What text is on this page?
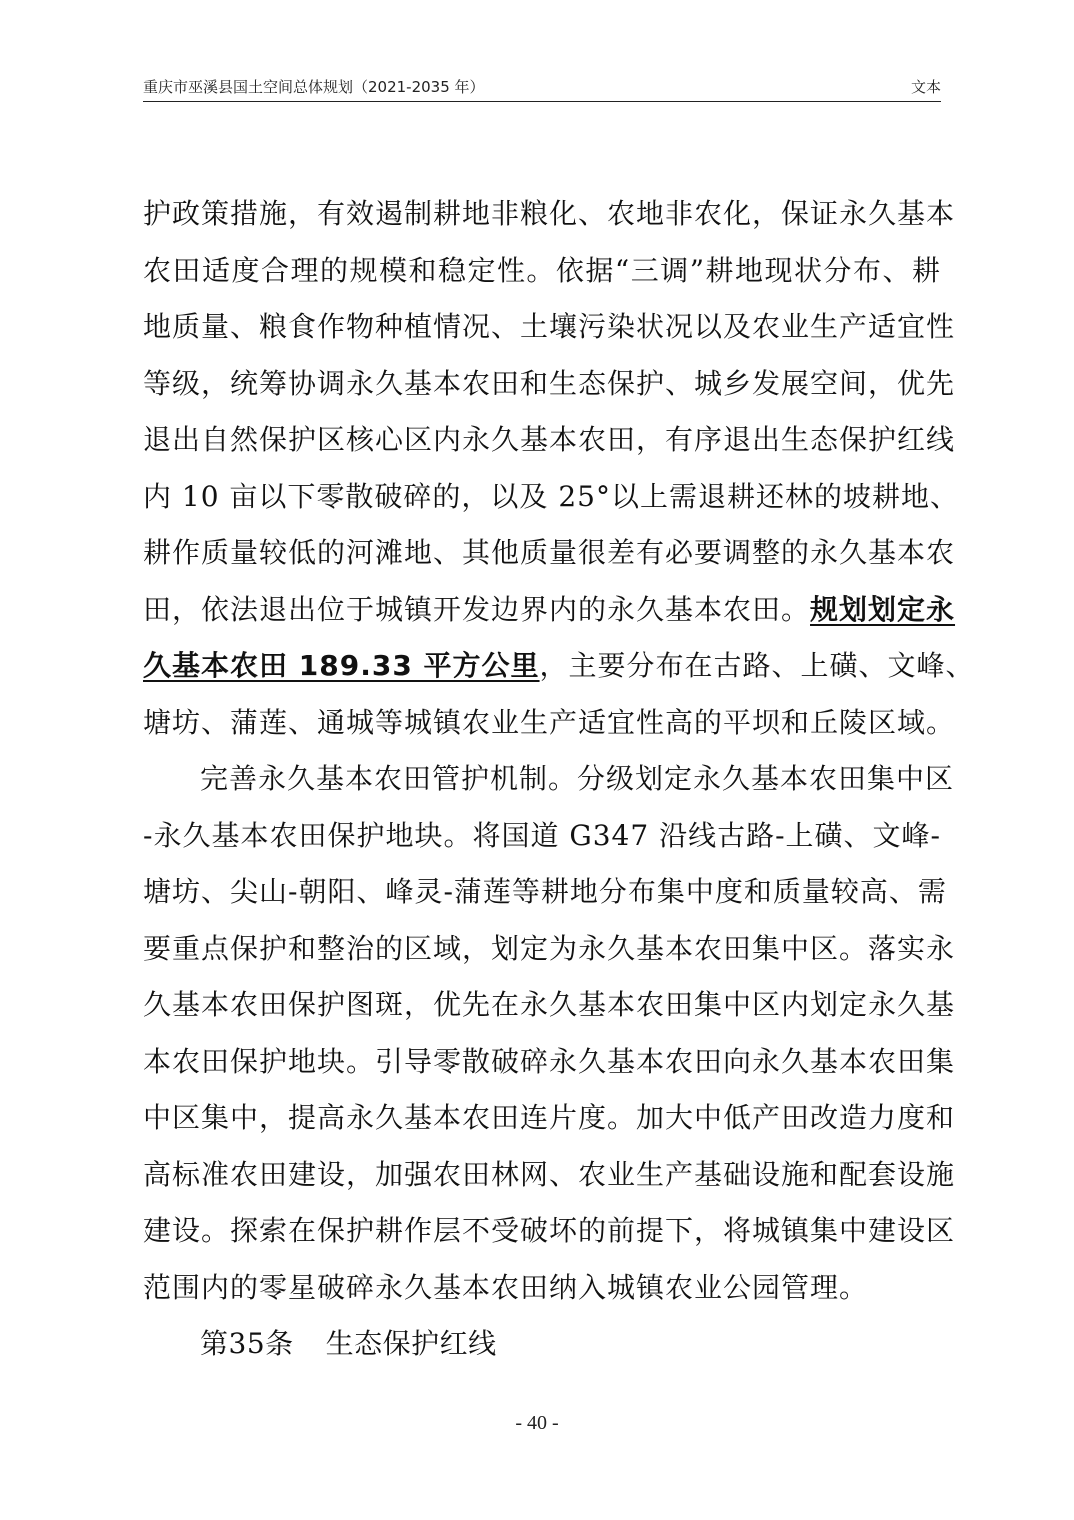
重庆市巫溪县国土空间总体规划（2021-2035 年）	文本
护政策措施，有效遏制耕地非粮化、农地非农化，保证永久基本
农田适度合理的规模和稳定性。依据“三调”耕地现状分布、耕
地质量、粮食作物种植情况、土壤污染状况以及农业生产适宜性
等级，统筹协调永久基本农田和生态保护、城乡发展空间，优先
退出自然保护区核心区内永久基本农田，有序退出生态保护红线
内 10 亩以下零散破碎的，以及 25°以上需退耕还林的坡耕地、
耕作质量较低的河滩地、其他质量很差有必要调整的永久基本农
田，依法退出位于城镇开发边界内的永久基本农田。规划划定永
久基本农田 189.33 平方公里，主要分布在古路、上磺、文峰、
塘坊、蒲莲、通城等城镇农业生产适宜性高的平坝和丘陵区域。
完善永久基本农田管护机制。分级划定永久基本农田集中区
-永久基本农田保护地块。将国道 G347 沿线古路-上磺、文峰-
塘坊、尖山-朝阳、峰灵-蒲莲等耕地分布集中度和质量较高、需
要重点保护和整治的区域，划定为永久基本农田集中区。落实永
久基本农田保护图斑，优先在永久基本农田集中区内划定永久基
本农田保护地块。引导零散破碎永久基本农田向永久基本农田集
中区集中，提高永久基本农田连片度。加大中低产田改造力度和
高标准农田建设，加强农田林网、农业生产基础设施和配套设施
建设。探索在保护耕作层不受破坏的前提下，将城镇集中建设区
范围内的零星破碎永久基本农田纳入城镇农业公园管理。
第35条 生态保护红线
- 40 -
